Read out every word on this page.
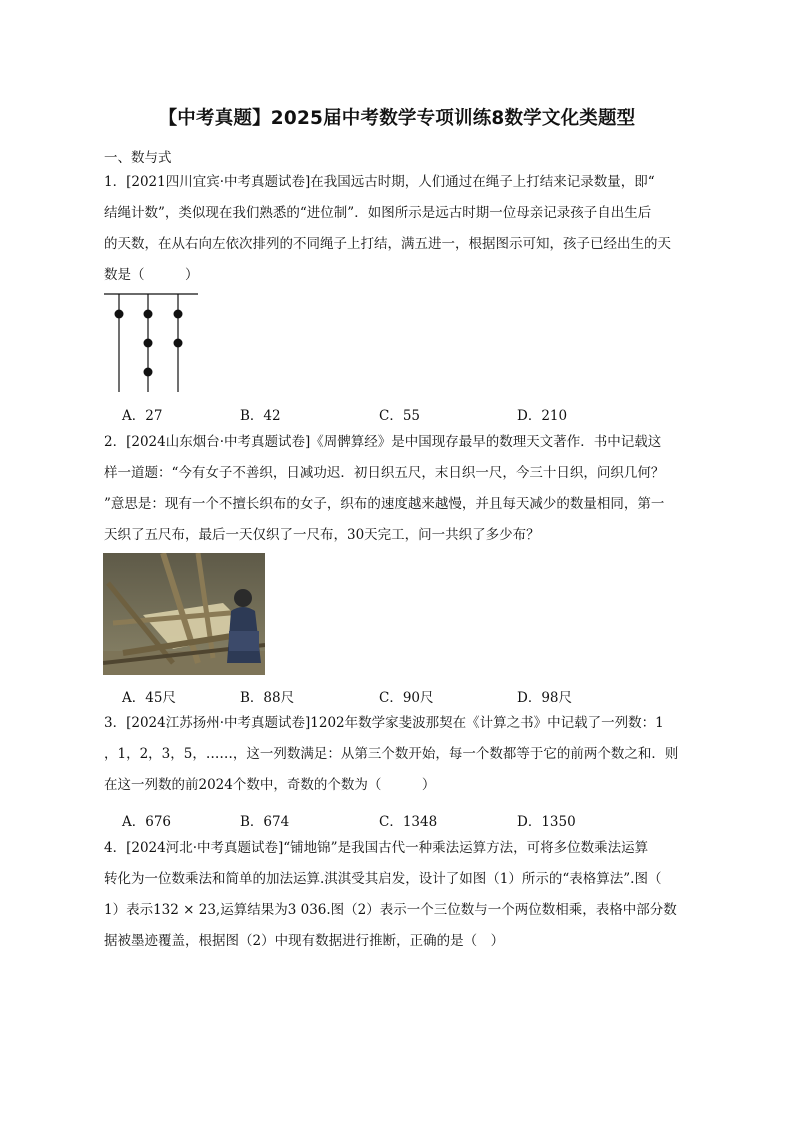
【中考真题】2025届中考数学专项训练8数学文化类题型
一、数与式
1．[2021四川宜宾·中考真题试卷]在我国远古时期，人们通过在绳子上打结来记录数量，即“
结绳计数”，类似现在我们熟悉的“进位制”．如图所示是远古时期一位母亲记录孩子自出生后
的天数，在从右向左依次排列的不同绳子上打结，满五进一，根据图示可知，孩子已经出生的天
数是（　　　）
A．27	B．42	C．55	D．210
2．[2024山东烟台·中考真题试卷]《周髀算经》是中国现存最早的数理天文著作．书中记载这
样一道题：“今有女子不善织，日减功迟．初日织五尺，末日织一尺，今三十日织，问织几何？
”意思是：现有一个不擅长织布的女子，织布的速度越来越慢，并且每天减少的数量相同，第一
天织了五尺布，最后一天仅织了一尺布，30天完工，问一共织了多少布？
A．45尺	B．88尺	C．90尺	D．98尺
3．[2024江苏扬州·中考真题试卷]1202年数学家斐波那契在《计算之书》中记载了一列数：1
，1，2，3，5，……，这一列数满足：从第三个数开始，每一个数都等于它的前两个数之和．则
在这一列数的前2024个数中，奇数的个数为（　　　）
A．676	B．674	C．1348	D．1350
4．[2024河北·中考真题试卷]“铺地锦”是我国古代一种乘法运算方法，可将多位数乘法运算
转化为一位数乘法和简单的加法运算.淇淇受其启发，设计了如图（1）所示的“表格算法”.图（
1）表示132 × 23,运算结果为3 036.图（2）表示一个三位数与一个两位数相乘，表格中部分数
据被墨迹覆盖，根据图（2）中现有数据进行推断，正确的是（　）
